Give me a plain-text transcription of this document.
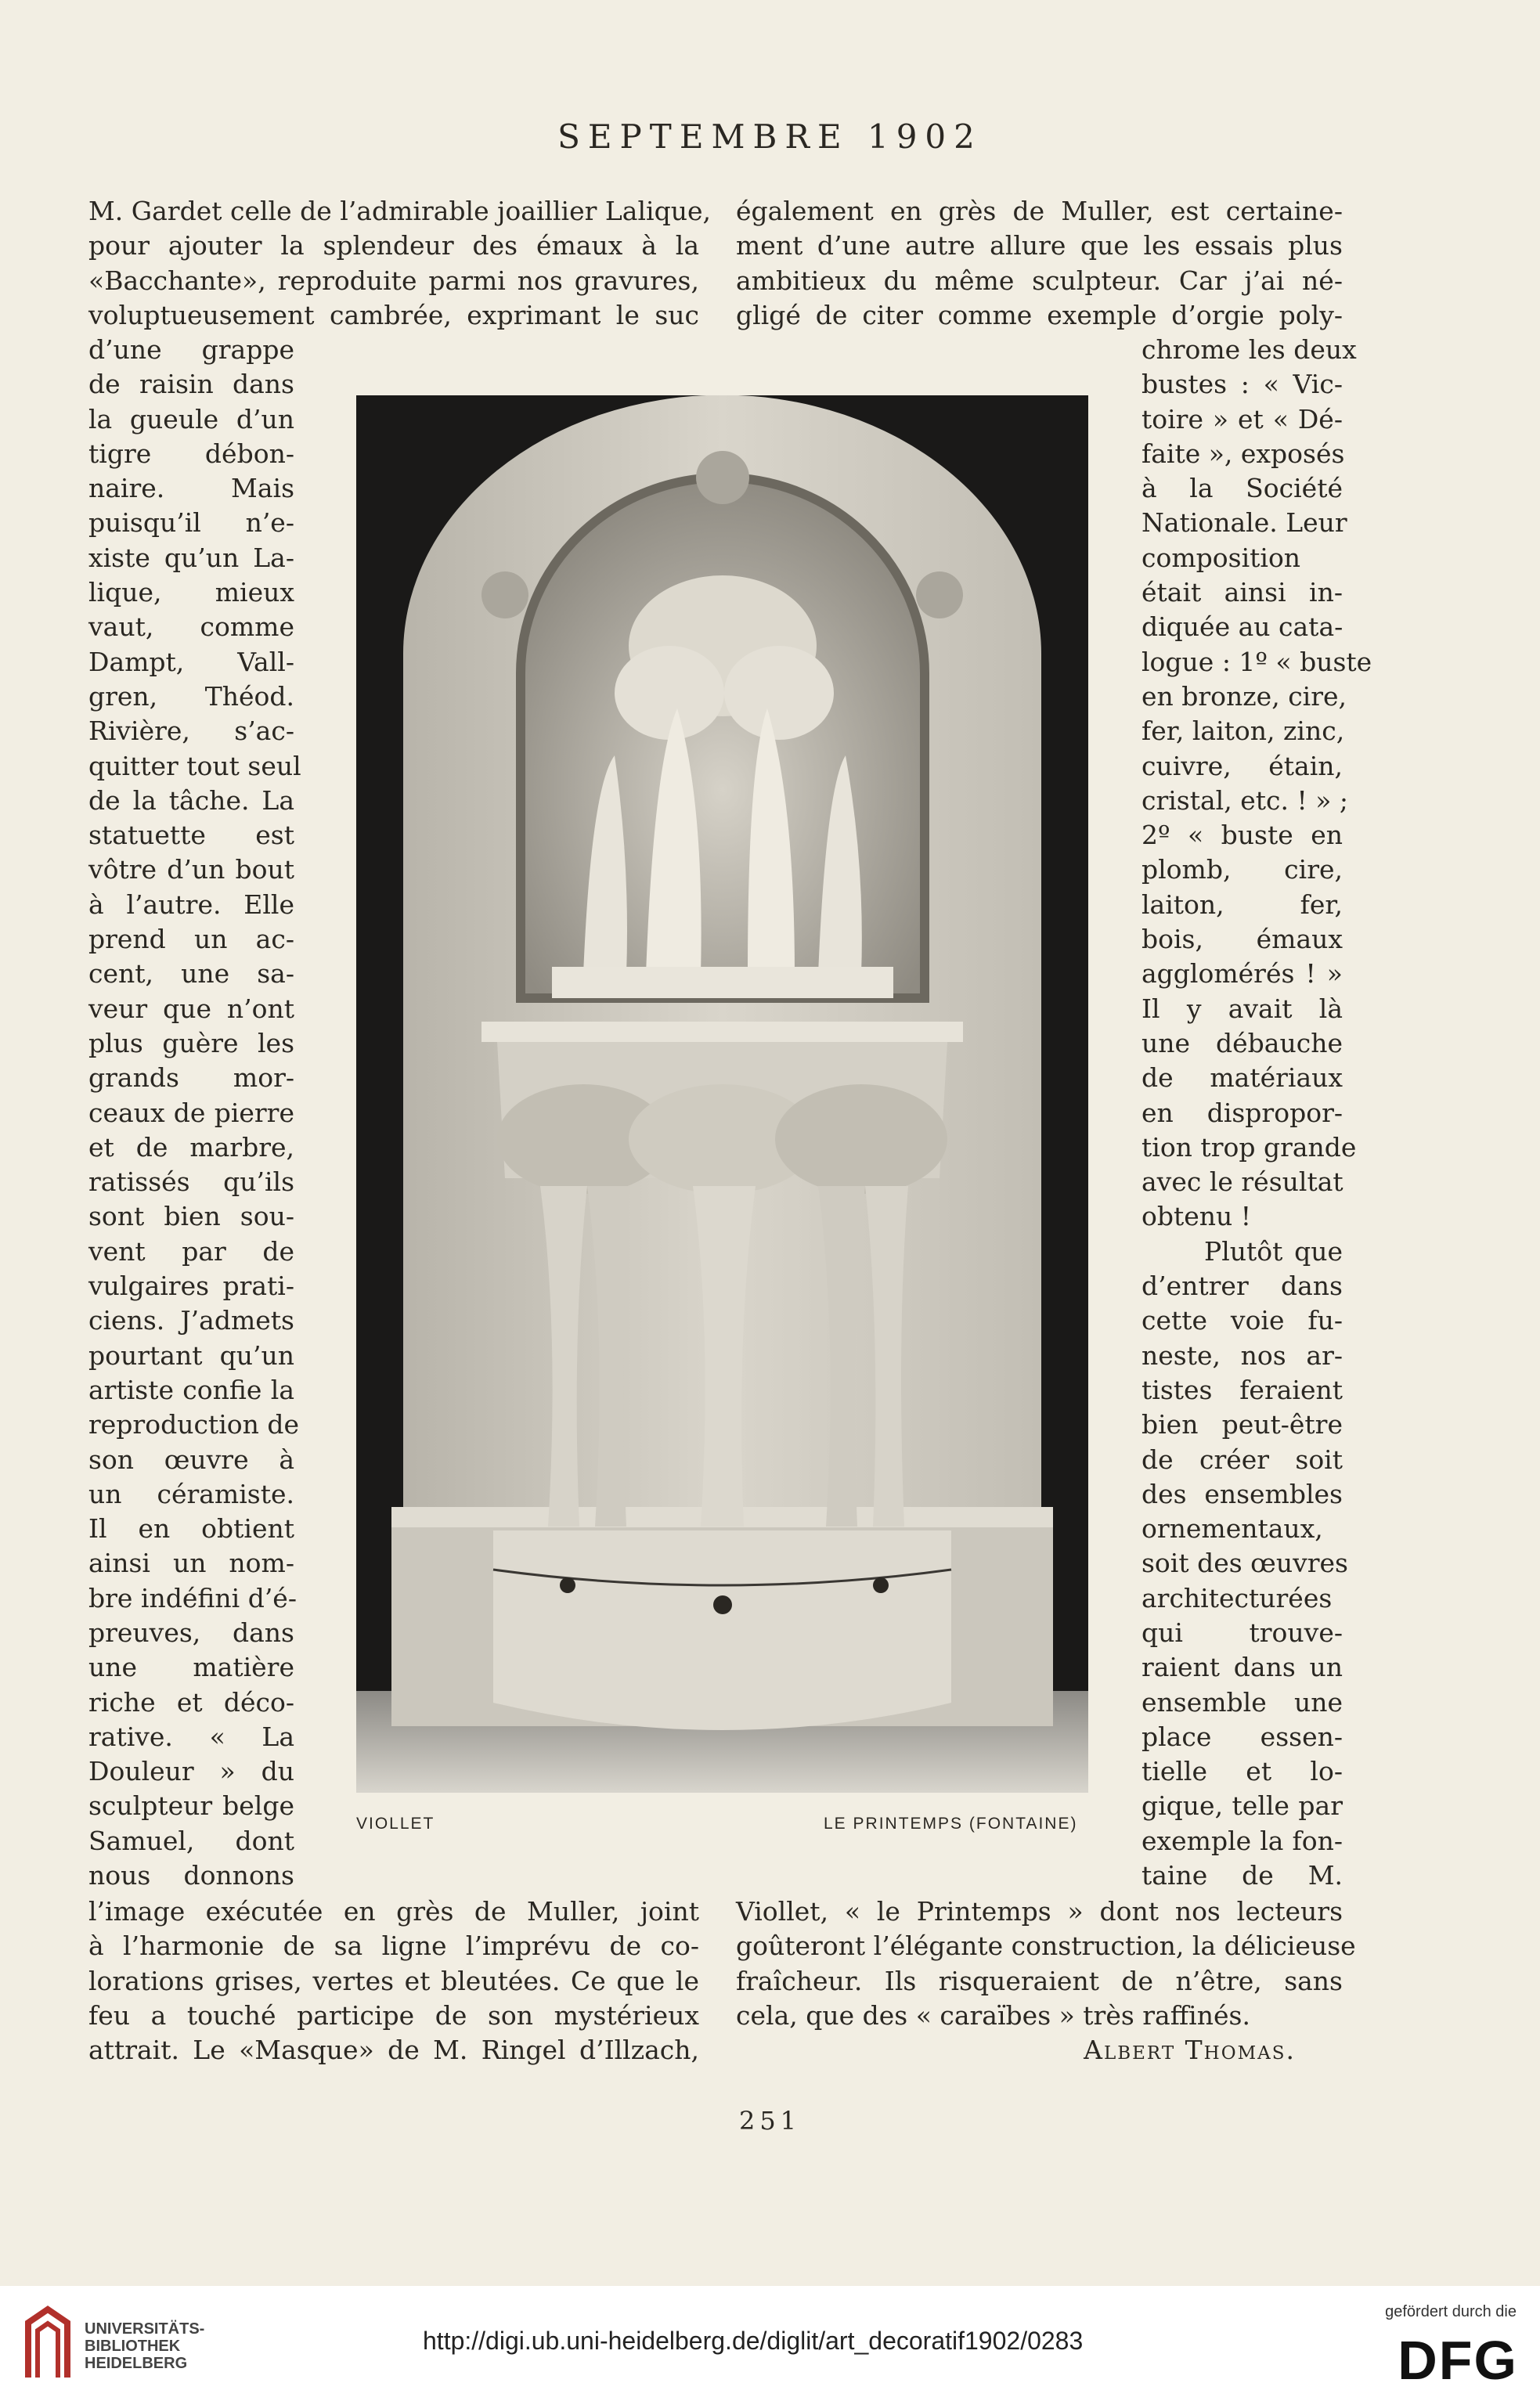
SEPTEMBRE 1902
M. Gardet celle de l’admirable joaillier Lalique,
pour ajouter la splendeur des émaux à la
«Bacchante», reproduite parmi nos gravures,
voluptueusement cambrée, exprimant le suc
d’une grappe
de raisin dans
la gueule d’un
tigre débon-
naire. Mais
puisqu’il n’e-
xiste qu’un La-
lique, mieux
vaut, comme
Dampt, Vall-
gren, Théod.
Rivière, s’ac-
quitter tout seul
de la tâche. La
statuette est
vôtre d’un bout
à l’autre. Elle
prend un ac-
cent, une sa-
veur que n’ont
plus guère les
grands mor-
ceaux de pierre
et de marbre,
ratissés qu’ils
sont bien sou-
vent par de
vulgaires prati-
ciens. J’admets
pourtant qu’un
artiste confie la
reproduction de
son œuvre à
un céramiste.
Il en obtient
ainsi un nom-
bre indéfini d’é-
preuves, dans
une matière
riche et déco-
rative. « La
Douleur » du
sculpteur belge
Samuel, dont
nous donnons
l’image exécutée en grès de Muller, joint
à l’harmonie de sa ligne l’imprévu de co-
lorations grises, vertes et bleutées. Ce que le
feu a touché participe de son mystérieux
attrait. Le «Masque» de M. Ringel d’Illzach,
également en grès de Muller, est certaine-
ment d’une autre allure que les essais plus
ambitieux du même sculpteur. Car j’ai né-
gligé de citer comme exemple d’orgie poly-
chrome les deux
bustes : « Vic-
toire » et « Dé-
faite », exposés
à la Société
Nationale. Leur
composition
était ainsi in-
diquée au cata-
logue : 1º « buste
en bronze, cire,
fer, laiton, zinc,
cuivre, étain,
cristal, etc. ! » ;
2º « buste en
plomb, cire,
laiton, fer,
bois, émaux
agglomérés ! »
Il y avait là
une débauche
de matériaux
en dispropor-
tion trop grande
avec le résultat
obtenu !
Plutôt que
d’entrer dans
cette voie fu-
neste, nos ar-
tistes feraient
bien peut-être
de créer soit
des ensembles
ornementaux,
soit des œuvres
architecturées
qui trouve-
raient dans un
ensemble une
place essen-
tielle et lo-
gique, telle par
exemple la fon-
taine de M.
Viollet, « le Printemps » dont nos lecteurs
goûteront l’élégante construction, la délicieuse
fraîcheur. Ils risqueraient de n’être, sans
cela, que des « caraïbes » très raffinés.
Albert Thomas.
VIOLLET	LE PRINTEMPS (FONTAINE)
251
UNIVERSITÄTS-
BIBLIOTHEK
HEIDELBERG
http://digi.ub.uni-heidelberg.de/diglit/art_decoratif1902/0283
gefördert durch die
DFG
